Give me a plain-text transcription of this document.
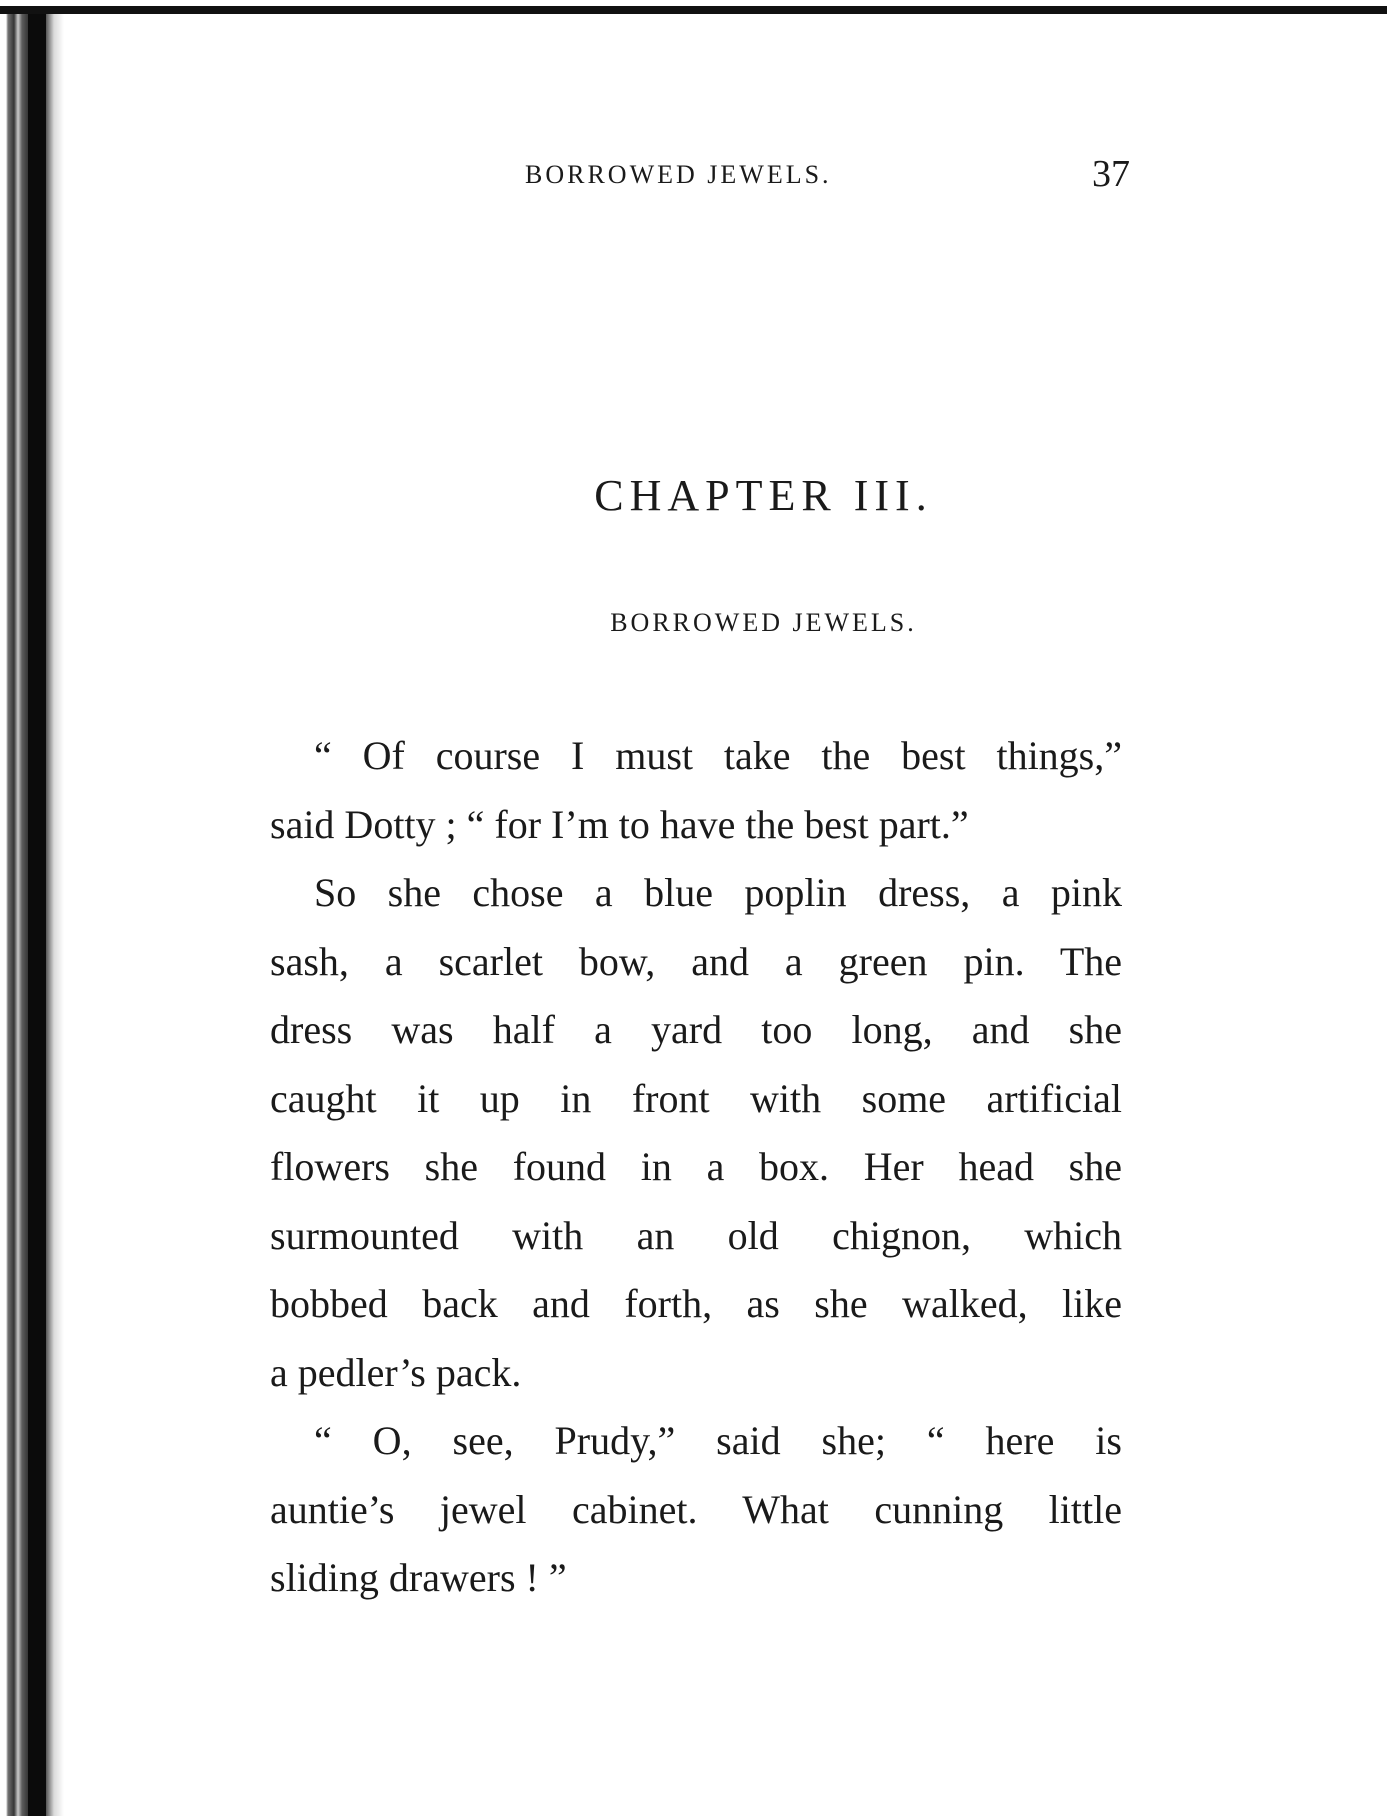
BORROWED JEWELS.	37
CHAPTER III.
BORROWED JEWELS.
“ Of course I must take the best things,”
said Dotty ; “ for I’m to have the best part.”
So she chose a blue poplin dress, a pink
sash, a scarlet bow, and a green pin. The
dress was half a yard too long, and she
caught it up in front with some artificial
flowers she found in a box. Her head she
surmounted with an old chignon, which
bobbed back and forth, as she walked, like
a pedler’s pack.
“ O, see, Prudy,” said she; “ here is
auntie’s jewel cabinet. What cunning little
sliding drawers ! ”
